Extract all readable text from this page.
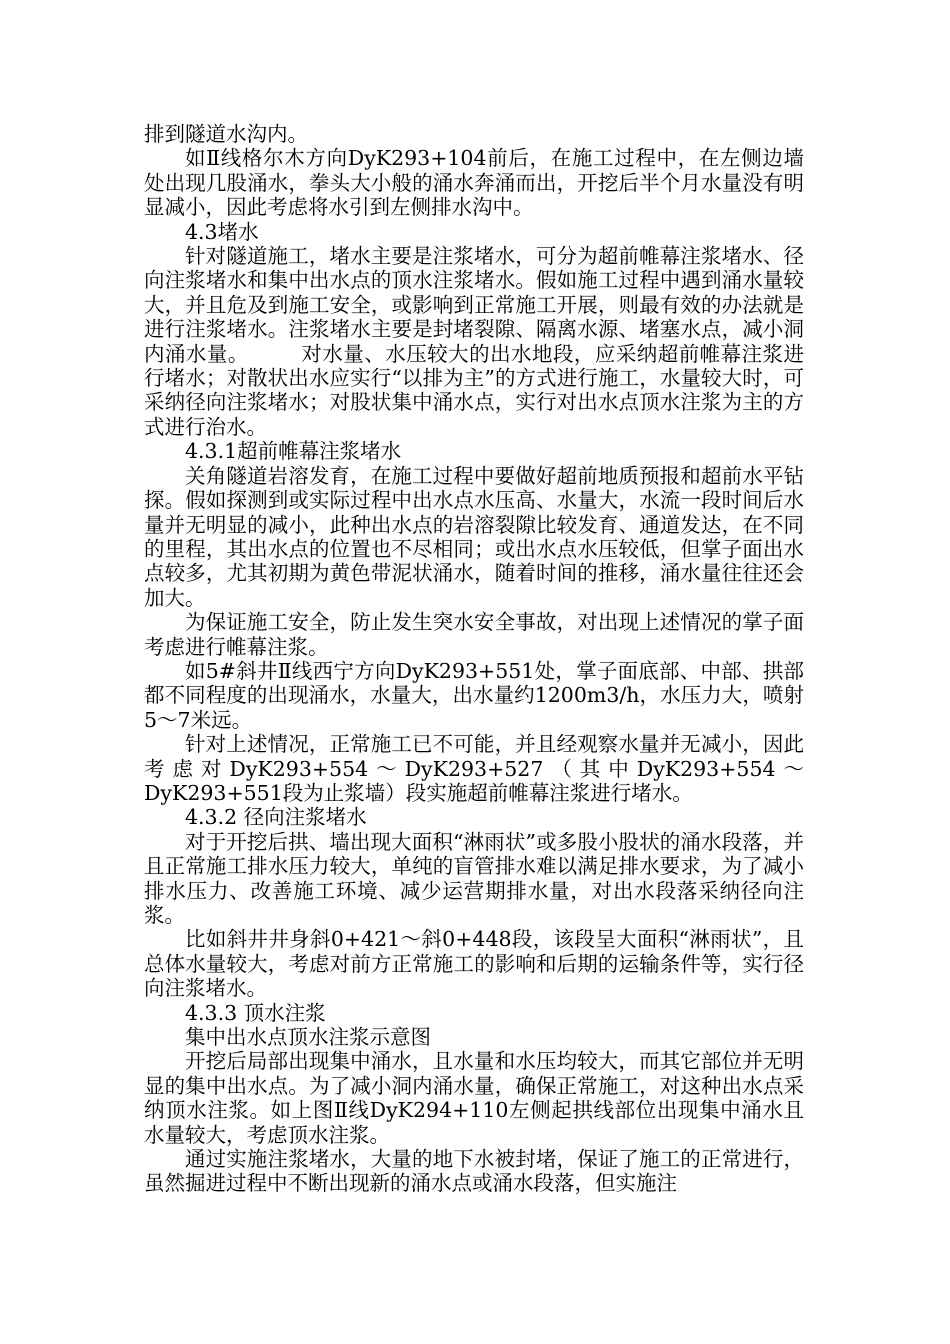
排到隧道水沟内。

如Ⅱ线格尔木方向DyK293+104前后，在施工过程中，在左侧边墙处出现几股涌水，拳头大小般的涌水奔涌而出，开挖后半个月水量没有明显减小，因此考虑将水引到左侧排水沟中。

4.3堵水

针对隧道施工，堵水主要是注浆堵水，可分为超前帷幕注浆堵水、径向注浆堵水和集中出水点的顶水注浆堵水。假如施工过程中遇到涌水量较大，并且危及到施工安全，或影响到正常施工开展，则最有效的办法就是进行注浆堵水。注浆堵水主要是封堵裂隙、隔离水源、堵塞水点，减小洞内涌水量。　　　对水量、水压较大的出水地段，应采纳超前帷幕注浆进行堵水；对散状出水应实行“以排为主”的方式进行施工，水量较大时，可采纳径向注浆堵水；对股状集中涌水点，实行对出水点顶水注浆为主的方式进行治水。

4.3.1超前帷幕注浆堵水

关角隧道岩溶发育，在施工过程中要做好超前地质预报和超前水平钻探。假如探测到或实际过程中出水点水压高、水量大，水流一段时间后水量并无明显的减小，此种出水点的岩溶裂隙比较发育、通道发达，在不同的里程，其出水点的位置也不尽相同；或出水点水压较低，但掌子面出水点较多，尤其初期为黄色带泥状涌水，随着时间的推移，涌水量往往还会加大。

为保证施工安全，防止发生突水安全事故，对出现上述情况的掌子面考虑进行帷幕注浆。

如5#斜井Ⅱ线西宁方向DyK293+551处，掌子面底部、中部、拱部都不同程度的出现涌水，水量大，出水量约1200m3/h，水压力大，喷射5～7米远。

针对上述情况，正常施工已不可能，并且经观察水量并无减小，因此考虑对DyK293+554～DyK293+527（其中DyK293+554～DyK293+551段为止浆墙）段实施超前帷幕注浆进行堵水。

4.3.2 径向注浆堵水

对于开挖后拱、墙出现大面积“淋雨状”或多股小股状的涌水段落，并且正常施工排水压力较大，单纯的盲管排水难以满足排水要求，为了减小排水压力、改善施工环境、减少运营期排水量，对出水段落采纳径向注浆。

比如斜井井身斜0+421～斜0+448段，该段呈大面积“淋雨状”，且总体水量较大，考虑对前方正常施工的影响和后期的运输条件等，实行径向注浆堵水。

4.3.3 顶水注浆

集中出水点顶水注浆示意图

开挖后局部出现集中涌水，且水量和水压均较大，而其它部位并无明显的集中出水点。为了减小洞内涌水量，确保正常施工，对这种出水点采纳顶水注浆。如上图Ⅱ线DyK294+110左侧起拱线部位出现集中涌水且水量较大，考虑顶水注浆。

通过实施注浆堵水，大量的地下水被封堵，保证了施工的正常进行，虽然掘进过程中不断出现新的涌水点或涌水段落，但实施注
